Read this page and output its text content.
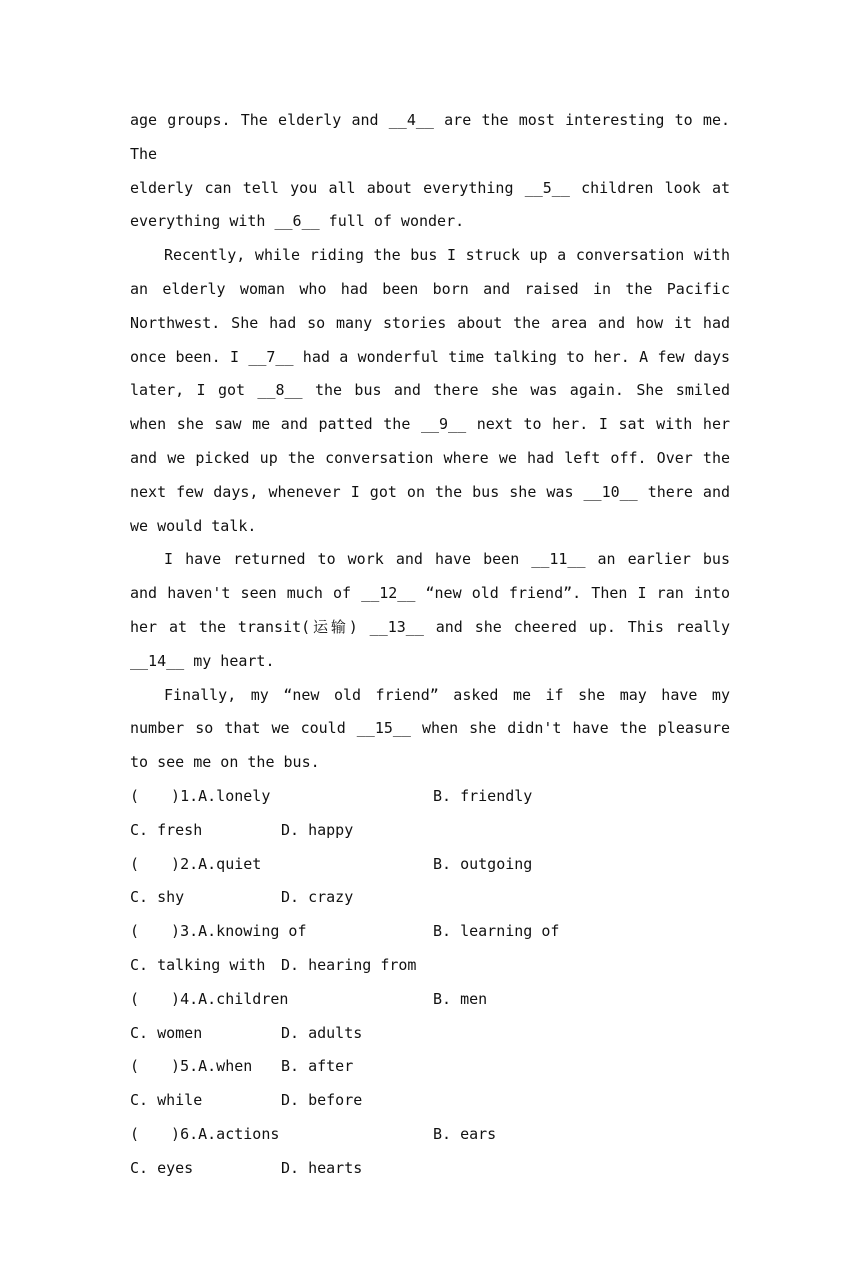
age groups. The elderly and __4__ are the most interesting to me. The
elderly can tell you all about everything __5__ children look at
everything with __6__ full of wonder.

Recently, while riding the bus I struck up a conversation with an elderly woman who had been born and raised in the Pacific Northwest. She had so many stories about the area and how it had once been. I __7__ had a wonderful time talking to her. A few days later, I got __8__ the bus and there she was again. She smiled when she saw me and patted the __9__ next to her. I sat with her and we picked up the conversation where we had left off. Over the next few days, whenever I got on the bus she was __10__ there and we would talk.

I have returned to work and have been __11__ an earlier bus and haven't seen much of __12__ “new old friend”. Then I ran into her at the transit(运输) __13__ and she cheered up. This really __14__ my heart.

Finally, my “new old friend” asked me if she may have my number so that we could __15__ when she didn't have the pleasure to see me on the bus.

( )1.A.lonely

	B. friendly

C. fresh

	D. happy

( )2.A.quiet

	B. outgoing

C. shy

	D. crazy

( )3.A.knowing of

	B. learning of

C. talking with

D. hearing from

( )4.A.children

	B. men

C. women

	D. adults

( )5.A.when

B. after

C. while

	D. before

( )6.A.actions

	B. ears

C. eyes

	D. hearts
